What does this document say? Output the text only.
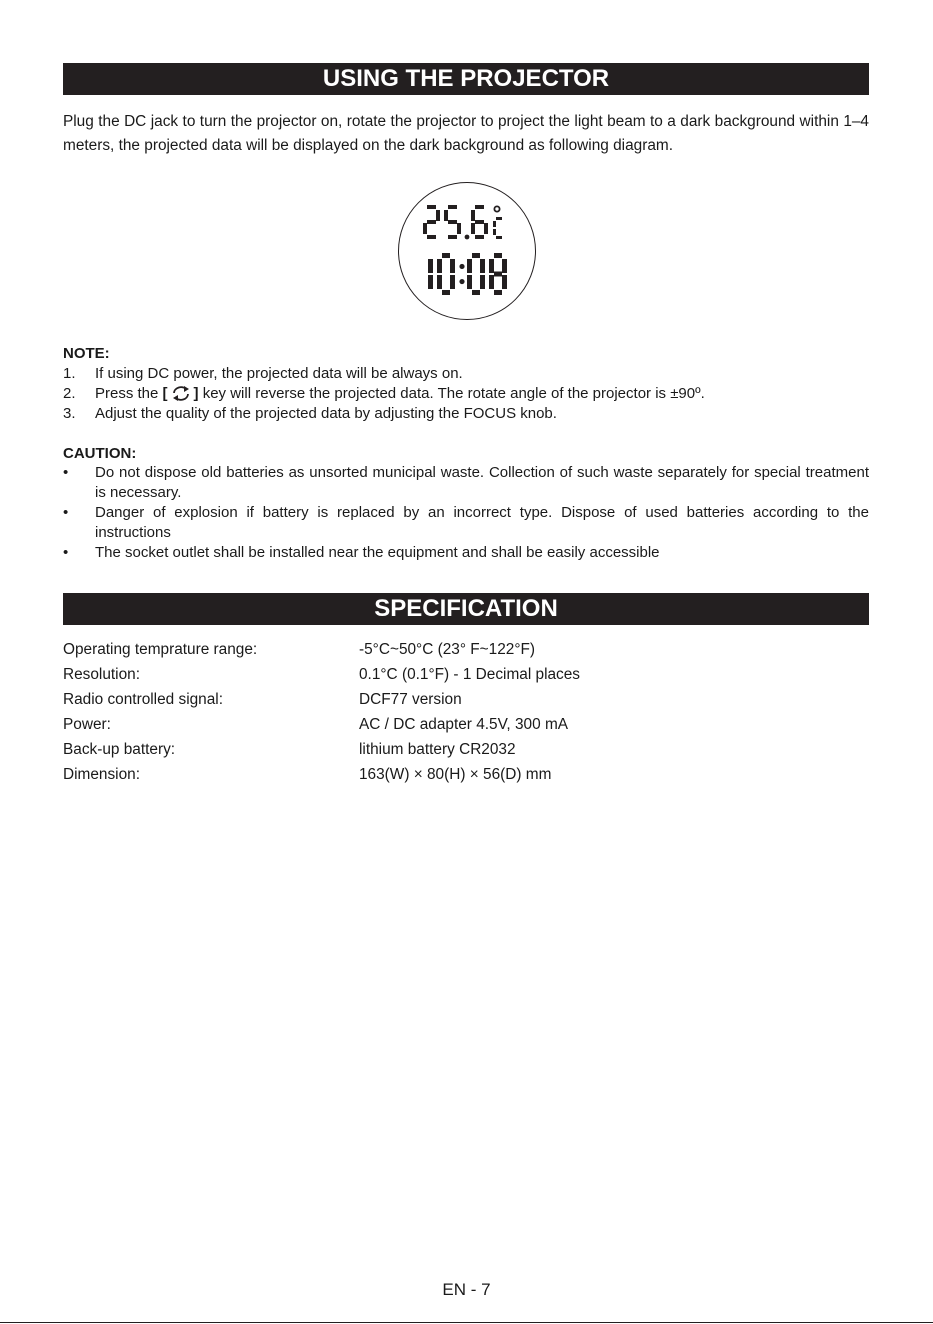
USING THE PROJECTOR

Plug the DC jack to turn the projector on, rotate the projector to project the light beam to a dark background within 1–4 meters, the projected data will be displayed on the dark background as following diagram.

NOTE:
1. If using DC power, the projected data will be always on.
2. Press the [ ] key will reverse the projected data. The rotate angle of the projector is ±90º.
3. Adjust the quality of the projected data by adjusting the FOCUS knob.
CAUTION:
• Do not dispose old batteries as unsorted municipal waste. Collection of such waste separately for special treatment is necessary.
• Danger of explosion if battery is replaced by an incorrect type. Dispose of used batteries according to the instructions
• The socket outlet shall be installed near the equipment and shall be easily accessible
SPECIFICATION
Operating temprature range:	-5°C~50°C (23° F~122°F)
Resolution:	0.1°C (0.1°F) - 1 Decimal places
Radio controlled signal:	DCF77 version
Power:	AC / DC adapter 4.5V, 300 mA
Back-up battery:	lithium battery CR2032
Dimension:	163(W) × 80(H) × 56(D) mm
EN - 7
